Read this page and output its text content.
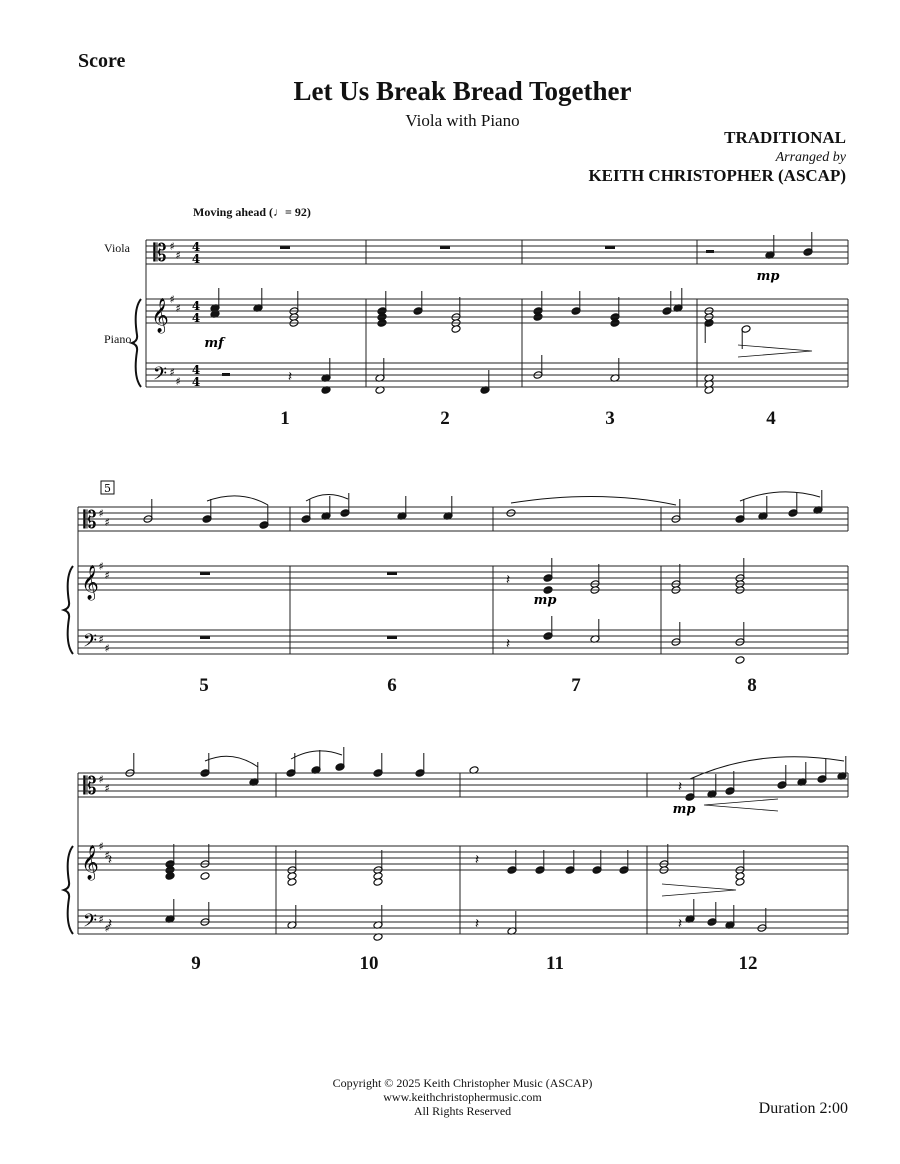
Score
Let Us Break Bread Together
Viola with Piano
TRADITIONAL
Arranged by
KEITH CHRISTOPHER (ASCAP)
Moving ahead (♩= 92)
Viola
Piano
𝄡 ♯
♯
4
4
𝄞 ♯
♯ 4
4
𝄢 ♯
♯
4
4
mp
mf
𝄽
𝄡 ♯
♯
𝄞 ♯
♯
𝄢 ♯
♯
5
𝄽
mp
𝄽
𝄡 ♯
♯
𝄞 ♯
♯
𝄢 ♯
♯
𝄽
mp
𝄽	𝄽
𝄽	𝄽	𝄽
1	2	3	4
5	6	7	8
9	10	11	12
Copyright © 2025 Keith Christopher Music (ASCAP)
www.keithchristophermusic.com
All Rights Reserved	Duration 2:00
